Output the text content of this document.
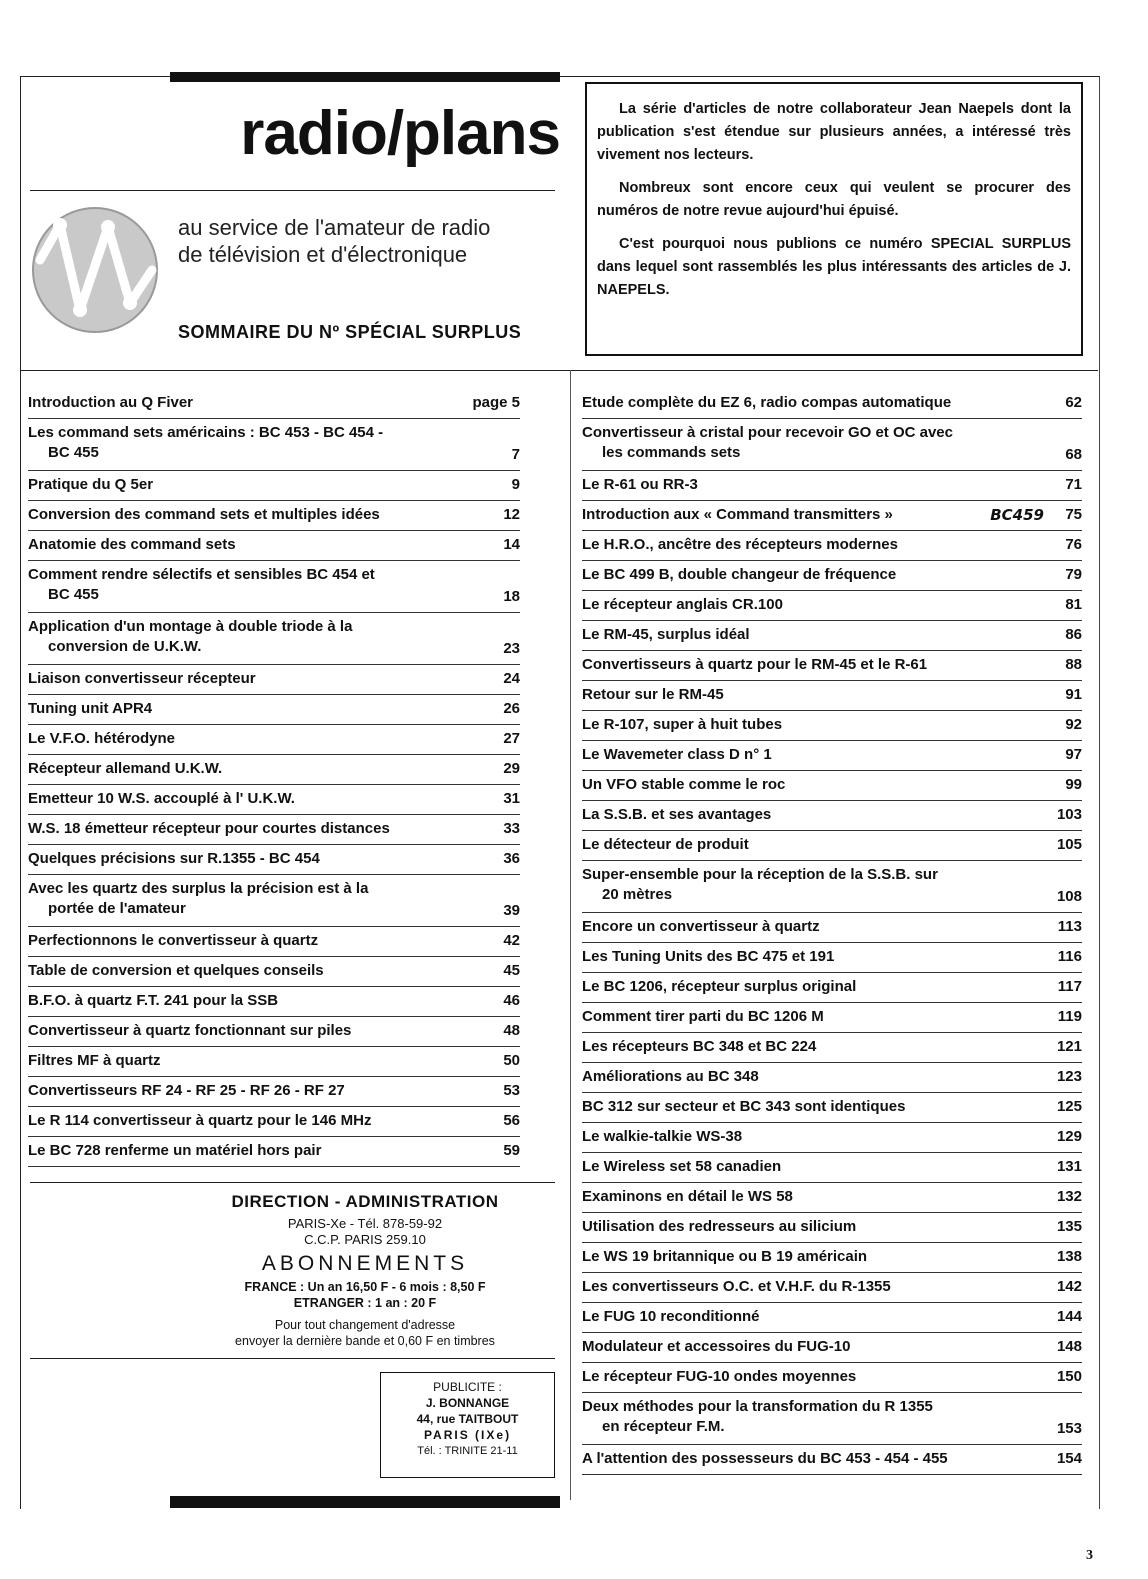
radio/plans
au service de l'amateur de radio
de télévision et d'électronique
SOMMAIRE DU Nº SPÉCIAL SURPLUS

La série d'articles de notre collaborateur Jean Naepels dont la publication s'est étendue sur plusieurs années, a intéressé très vivement nos lecteurs.

Nombreux sont encore ceux qui veulent se procurer des numéros de notre revue aujourd'hui épuisé.

C'est pourquoi nous publions ce numéro SPECIAL SURPLUS dans lequel sont rassemblés les plus intéressants des articles de J. NAEPELS.

Introduction au Q Fiver	page 5
Les command sets américains : BC 453 - BC 454 -
BC 455	7
Pratique du Q 5er	9
Conversion des command sets et multiples idées	12
Anatomie des command sets	14
Comment rendre sélectifs et sensibles BC 454 et
BC 455	18
Application d'un montage à double triode à la
conversion de U.K.W.	23
Liaison convertisseur récepteur	24
Tuning unit APR4	26
Le V.F.O. hétérodyne	27
Récepteur allemand U.K.W.	29
Emetteur 10 W.S. accouplé à l' U.K.W.	31
W.S. 18 émetteur récepteur pour courtes distances	33
Quelques précisions sur R.1355 - BC 454	36
Avec les quartz des surplus la précision est à la
portée de l'amateur	39
Perfectionnons le convertisseur à quartz	42
Table de conversion et quelques conseils	45
B.F.O. à quartz F.T. 241 pour la SSB	46
Convertisseur à quartz fonctionnant sur piles	48
Filtres MF à quartz	50
Convertisseurs RF 24 - RF 25 - RF 26 - RF 27	53
Le R 114 convertisseur à quartz pour le 146 MHz	56
Le BC 728 renferme un matériel hors pair	59
Etude complète du EZ 6, radio compas automatique	62
Convertisseur à cristal pour recevoir GO et OC avec
les commands sets	68
Le R-61 ou RR-3	71
Introduction aux « Command transmitters »	BC459 75
Le H.R.O., ancêtre des récepteurs modernes	76
Le BC 499 B, double changeur de fréquence	79
Le récepteur anglais CR.100	81
Le RM-45, surplus idéal	86
Convertisseurs à quartz pour le RM-45 et le R-61	88
Retour sur le RM-45	91
Le R-107, super à huit tubes	92
Le Wavemeter class D n° 1	97
Un VFO stable comme le roc	99
La S.S.B. et ses avantages	103
Le détecteur de produit	105
Super-ensemble pour la réception de la S.S.B. sur
20 mètres	108
Encore un convertisseur à quartz	113
Les Tuning Units des BC 475 et 191	116
Le BC 1206, récepteur surplus original	117
Comment tirer parti du BC 1206 M	119
Les récepteurs BC 348 et BC 224	121
Améliorations au BC 348	123
BC 312 sur secteur et BC 343 sont identiques	125
Le walkie-talkie WS-38	129
Le Wireless set 58 canadien	131
Examinons en détail le WS 58	132
Utilisation des redresseurs au silicium	135
Le WS 19 britannique ou B 19 américain	138
Les convertisseurs O.C. et V.H.F. du R-1355	142
Le FUG 10 reconditionné	144
Modulateur et accessoires du FUG-10	148
Le récepteur FUG-10 ondes moyennes	150
Deux méthodes pour la transformation du R 1355
en récepteur F.M.	153
A l'attention des possesseurs du BC 453 - 454 - 455	154
DIRECTION - ADMINISTRATION
PARIS-Xe - Tél. 878-59-92
C.C.P. PARIS 259.10
ABONNEMENTS
FRANCE : Un an 16,50 F - 6 mois : 8,50 F
ETRANGER : 1 an : 20 F
Pour tout changement d'adresse
envoyer la dernière bande et 0,60 F en timbres
PUBLICITE :
J. BONNANGE
44, rue TAITBOUT
PARIS (IXe)
Tél. : TRINITE 21-11
3
